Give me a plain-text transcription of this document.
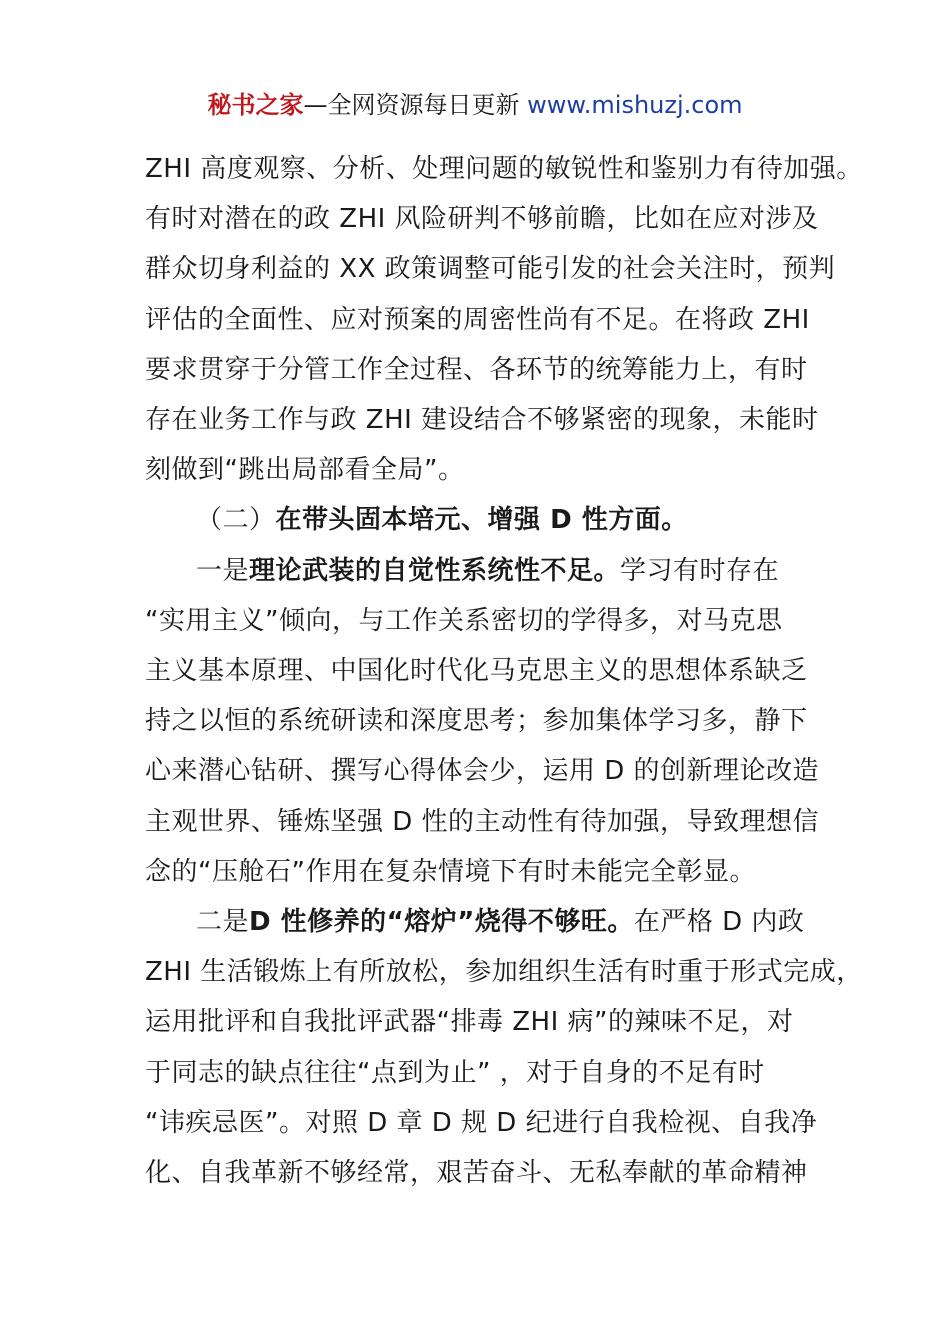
秘书之家—全网资源每日更新 www.mishuzj.com
ZHI 高度观察、分析、处理问题的敏锐性和鉴别力有待加强。
有时对潜在的政 ZHI 风险研判不够前瞻，比如在应对涉及
群众切身利益的 XX 政策调整可能引发的社会关注时，预判
评估的全面性、应对预案的周密性尚有不足。在将政 ZHI
要求贯穿于分管工作全过程、各环节的统筹能力上，有时
存在业务工作与政 ZHI 建设结合不够紧密的现象，未能时
刻做到“跳出局部看全局”。
（二）在带头固本培元、增强 D 性方面。
一是理论武装的自觉性系统性不足。学习有时存在
“实用主义”倾向，与工作关系密切的学得多，对马克思
主义基本原理、中国化时代化马克思主义的思想体系缺乏
持之以恒的系统研读和深度思考；参加集体学习多，静下
心来潜心钻研、撰写心得体会少，运用 D 的创新理论改造
主观世界、锤炼坚强 D 性的主动性有待加强，导致理想信
念的“压舱石”作用在复杂情境下有时未能完全彰显。
二是D 性修养的“熔炉”烧得不够旺。在严格 D 内政
ZHI 生活锻炼上有所放松，参加组织生活有时重于形式完成，
运用批评和自我批评武器“排毒 ZHI 病”的辣味不足，对
于同志的缺点往往“点到为止” ，对于自身的不足有时
“讳疾忌医”。对照 D 章 D 规 D 纪进行自我检视、自我净
化、自我革新不够经常，艰苦奋斗、无私奉献的革命精神
